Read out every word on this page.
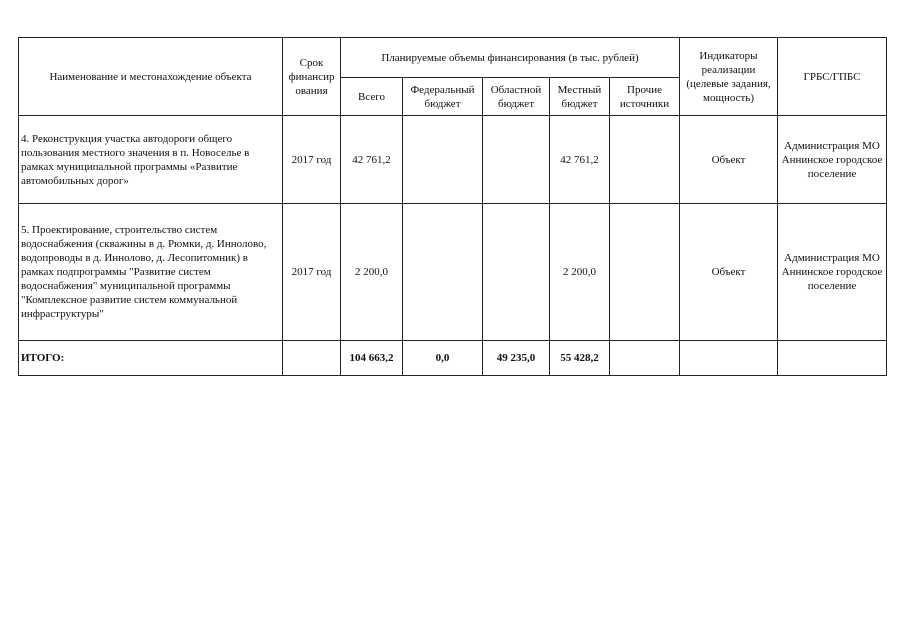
Наименование и местонахождение объекта	Срок финансир ования	Планируемые объемы финансирования (в тыс. рублей)					Индикаторы реализации (целевые задания, мощность)	ГРБС/ГПБС
		Всего	Федеральный бюджет	Областной бюджет	Местный бюджет	Прочие источники		
4. Реконструкция участка автодороги общего пользования местного значения в п. Новоселье в рамках муниципальной программы «Развитие автомобильных дорог»	2017 год	42 761,2			42 761,2		Объект	Администрация МО Аннинское городское поселение
5. Проектирование, строительство систем водоснабжения (скважины в д. Рюмки, д. Иннолово, водопроводы в д. Иннолово, д. Лесопитомник) в рамках подпрограммы "Развитие систем водоснабжения" муниципальной программы "Комплексное развитие систем коммунальной инфраструктуры"	2017 год	2 200,0			2 200,0		Объект	Администрация МО Аннинское городское поселение
ИТОГО:		104 663,2	0,0	49 235,0	55 428,2			
